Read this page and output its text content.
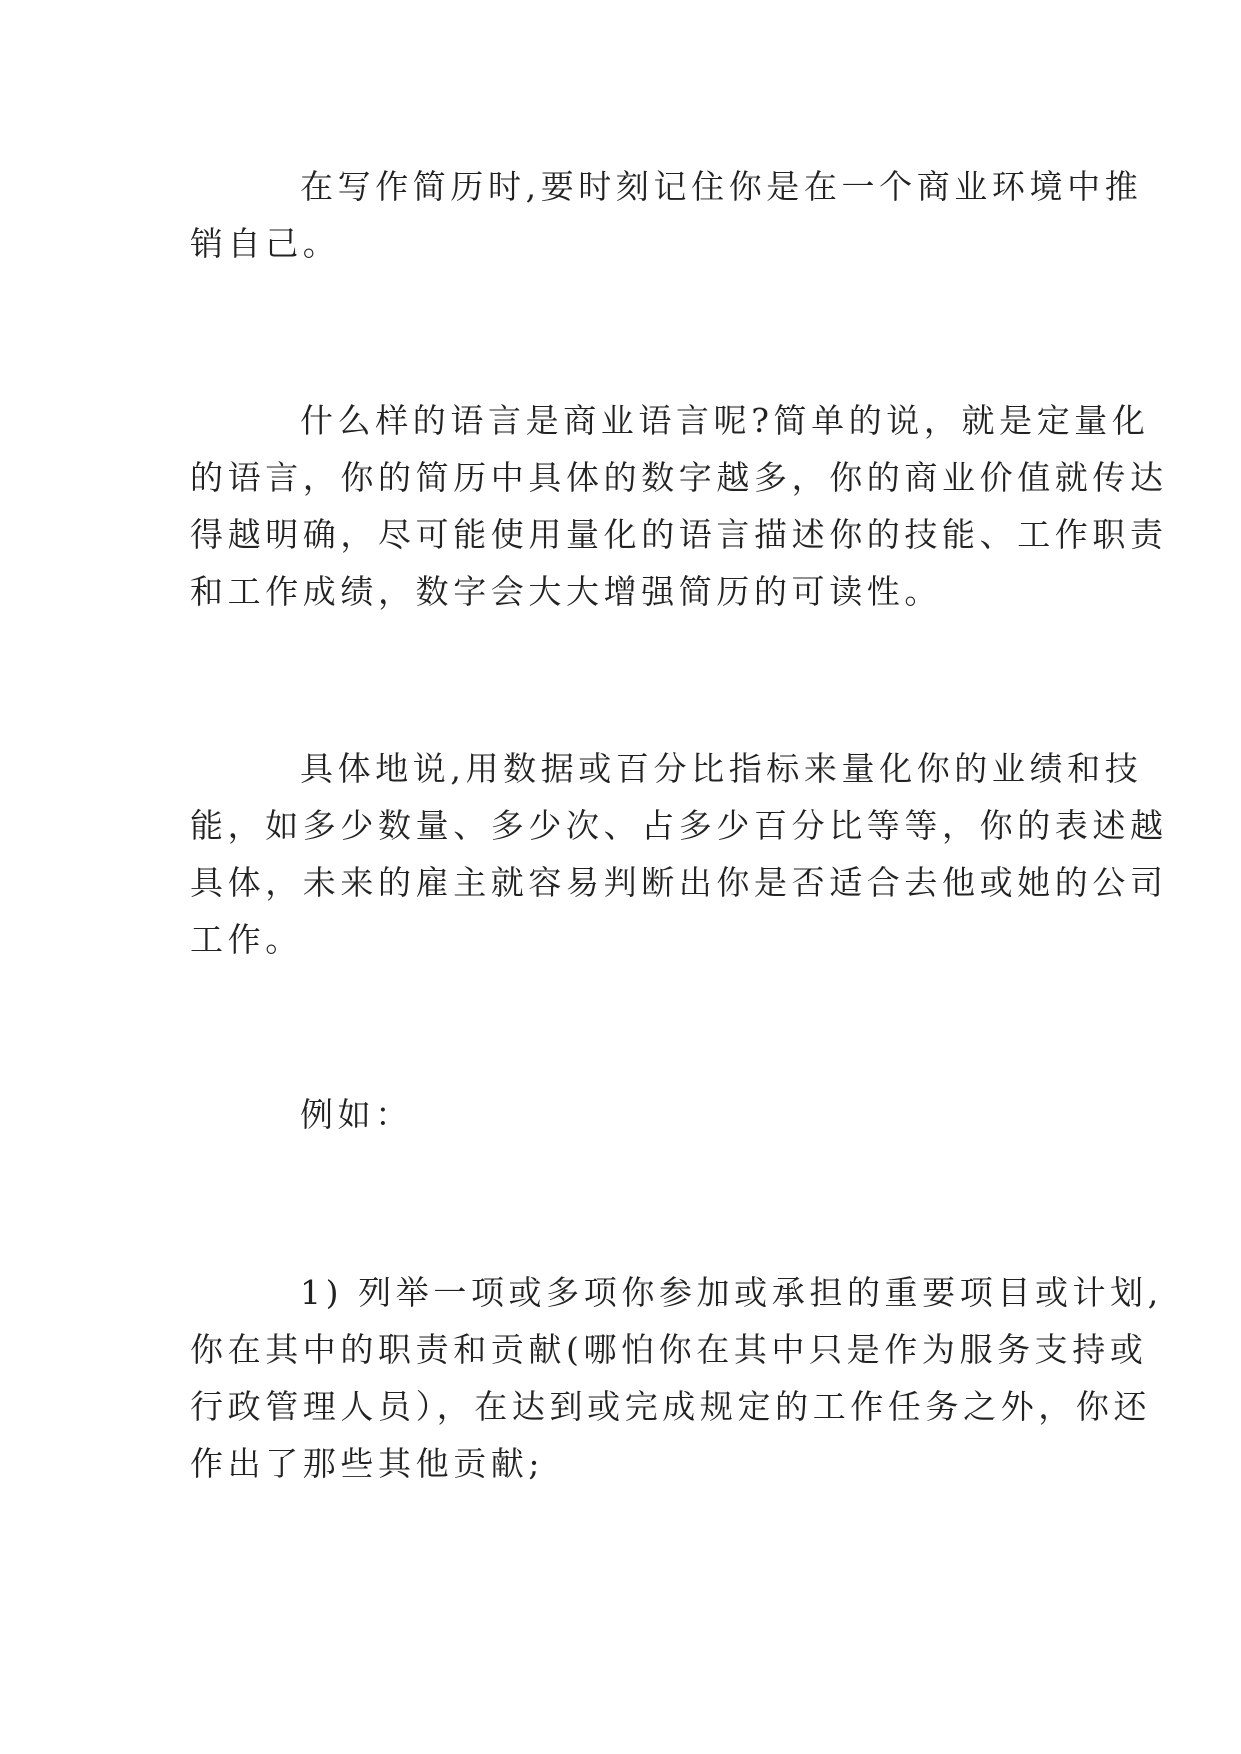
在写作简历时,要时刻记住你是在一个商业环境中推
销自己。

什么样的语言是商业语言呢?简单的说，就是定量化
的语言，你的简历中具体的数字越多，你的商业价值就传达
得越明确，尽可能使用量化的语言描述你的技能、工作职责
和工作成绩，数字会大大增强简历的可读性。

具体地说,用数据或百分比指标来量化你的业绩和技
能，如多少数量、多少次、占多少百分比等等，你的表述越
具体，未来的雇主就容易判断出你是否适合去他或她的公司
工作。

例如：

1) 列举一项或多项你参加或承担的重要项目或计划,
你在其中的职责和贡献(哪怕你在其中只是作为服务支持或
行政管理人员），在达到或完成规定的工作任务之外，你还
作出了那些其他贡献;
